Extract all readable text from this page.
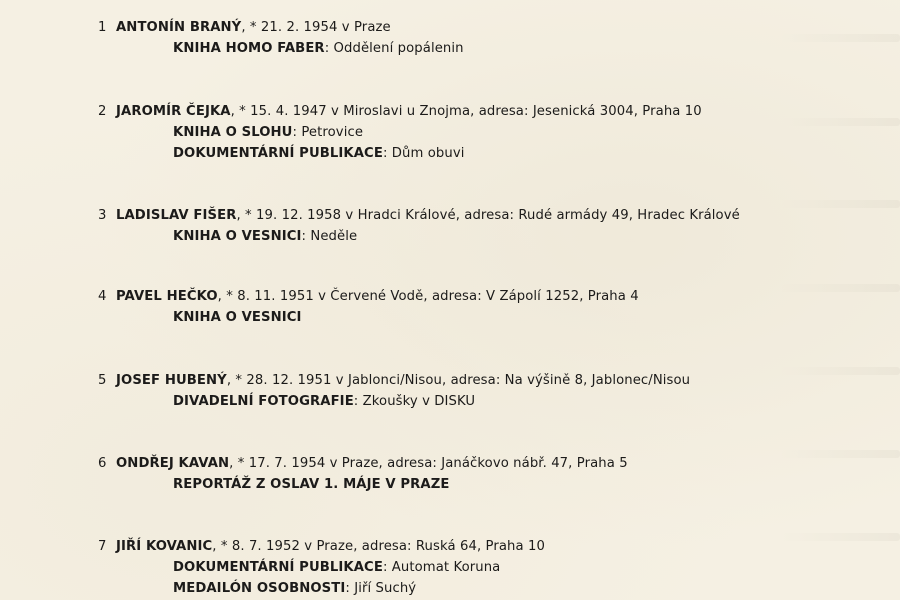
1 ANTONÍN BRANÝ, * 21. 2. 1954 v Praze
KNIHA HOMO FABER: Oddělení popálenin
2 JAROMÍR ČEJKA, * 15. 4. 1947 v Miroslavi u Znojma, adresa: Jesenická 3004, Praha 10
KNIHA O SLOHU: Petrovice
DOKUMENTÁRNÍ PUBLIKACE: Dům obuvi
3 LADISLAV FIŠER, * 19. 12. 1958 v Hradci Králové, adresa: Rudé armády 49, Hradec Králové
KNIHA O VESNICI: Neděle
4 PAVEL HEČKO, * 8. 11. 1951 v Červené Vodě, adresa: V Zápolí 1252, Praha 4
KNIHA O VESNICI
5 JOSEF HUBENÝ, * 28. 12. 1951 v Jablonci/Nisou, adresa: Na výšině 8, Jablonec/Nisou
DIVADELNÍ FOTOGRAFIE: Zkoušky v DISKU
6 ONDŘEJ KAVAN, * 17. 7. 1954 v Praze, adresa: Janáčkovo nábř. 47, Praha 5
REPORTÁŽ Z OSLAV 1. MÁJE V PRAZE
7 JIŘÍ KOVANIC, * 8. 7. 1952 v Praze, adresa: Ruská 64, Praha 10
DOKUMENTÁRNÍ PUBLIKACE: Automat Koruna
MEDAILÓN OSOBNOSTI: Jiří Suchý
